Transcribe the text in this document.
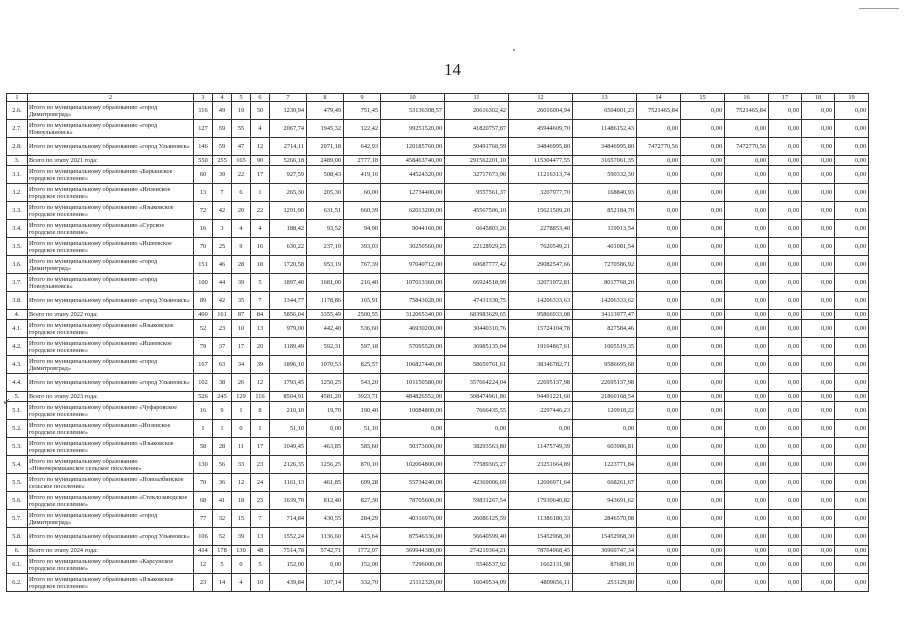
14
↙
1	2	3	4	5	6	7	8	9	10	11	12	13	14	15	16	17	18	19
2.6.	Итого по муниципальному образованию «город Димитровград»	116	49	19	50	1230,94	479,49	751,45	53136308,57	20616302,42	26016004,94	6504001,23	7521465,84	0,00	7521465,84	0,00	0,00	0,00
2.7.	Итого по муниципальному образованию «город Новоульяновск»	127	59	55	4	2067,74	1945,32	122,42	99251520,00	41820757,87	45944609,70	11486152,43	0,00	0,00	0,00	0,00	0,00	0,00
2.8.	Итого по муниципальному образованию «город Ульяновск»	146	59	47	12	2714,11	2071,18	642,93	120185760,00	50491768,59	34846995,80	34846995,80	7472770,56	0,00	7472770,56	0,00	0,00	0,00
3.	Всего по этапу 2021 года:	550	255	165	90	5266,18	2489,00	2777,18	458463740,00	291562201,10	115304477,55	31657061,35	0,00	0,00	0,00	0,00	0,00	0,00
3.1.	Итого по муниципальному образованию «Барышское городское поселение»	60	39	22	17	927,59	508,43	419,16	44524320,00	32717673,96	11216313,74	590332,30	0,00	0,00	0,00	0,00	0,00	0,00
3.2.	Итого по муниципальному образованию «Инзенское городское поселение»	13	7	6	1	265,30	205,30	60,00	12734400,00	9557561,37	3207977,70	168840,93	0,00	0,00	0,00	0,00	0,00	0,00
3.3.	Итого по муниципальному образованию «Языковское городское поселение»	72	42	20	22	1291,90	631,51	660,39	62013200,00	45567506,10	15621509,20	852184,70	0,00	0,00	0,00	0,00	0,00	0,00
3.4.	Итого по муниципальному образованию «Сурское городское поселение»	16	3	4	4	188,42	93,52	94,90	9044160,00	6645803,26	2278853,40	119913,54	0,00	0,00	0,00	0,00	0,00	0,00
3.5.	Итого по муниципальному образованию «Ишеевское городское поселение»	70	25	9	16	630,22	237,19	393,03	30250560,00	22128929,25	7620549,21	401081,54	0,00	0,00	0,00	0,00	0,00	0,00
3.6.	Итого по муниципальному образованию «город Димитровград»	151	46	28	18	1720,58	953,19	767,39	97040712,00	60687777,42	29082547,66	7270586,92	0,00	0,00	0,00	0,00	0,00	0,00
3.7.	Итого по муниципальному образованию «город Новоульяновск»	100	44	39	5	1897,40	1681,00	216,40	107013360,00	66924518,99	32071072,81	8017768,20	0,00	0,00	0,00	0,00	0,00	0,00
3.8.	Итого по муниципальному образованию «город Ульяновск»	89	42	35	7	1344,77	1178,86	165,91	75843028,00	47431330,75	14206333,63	14206333,62	0,00	0,00	0,00	0,00	0,00	0,00
4.	Всего по этапу 2022 года:	400	161	87	84	5856,04	3355,49	2500,55	312065340,00	683983629,65	95866933,08	34113977,47	0,00	0,00	0,00	0,00	0,00	0,00
4.1.	Итого по муниципальному образованию «Языковское городское поселение»	52	23	10	13	979,00	442,40	536,60	46930200,00	30440310,76	15724104,78	827584,46	0,00	0,00	0,00	0,00	0,00	0,00
4.2.	Итого по муниципальному образованию «Ишеевское городское поселение»	79	37	17	20	1189,49	592,31	597,18	57095520,00	36985135,04	19104867,61	1005519,35	0,00	0,00	0,00	0,00	0,00	0,00
4.3.	Итого по муниципальному образованию «город Димитровград»	167	63	34	39	1896,10	1070,53	825,57	106827440,00	58659761,61	38346782,71	9586695,68	0,00	0,00	0,00	0,00	0,00	0,00
4.4.	Итого по муниципальному образованию «город Ульяновск»	102	38	26	12	1793,45	1250,25	543,20	101150580,00	357664224,04	22695137,98	22695137,98	0,00	0,00	0,00	0,00	0,00	0,00
5.	Всего по этапу 2023 года:	526	245	129	116	8504,91	4581,20	3923,71	484826552,00	308474961,86	94491221,60	21860168,54	0,00	0,00	0,00	0,00	0,00	0,00
5.1.	Итого по муниципальному образованию «Чуфаровское городское поселение»	16	9	1	8	210,10	19,70	190,40	10084800,00	7666435,55	2297446,23	120918,22	0,00	0,00	0,00	0,00	0,00	0,00
5.2.	Итого по муниципальному образованию «Инзенское городское поселение»	1	1	0	1	51,10	0,00	51,10	0,00	0,00	0,00	0,00	0,00	0,00	0,00	0,00	0,00	0,00
5.3.	Итого по муниципальному образованию «Языковское городское поселение»	58	28	11	17	1049,45	463,85	585,60	50373600,00	38293563,80	11475749,39	603986,81	0,00	0,00	0,00	0,00	0,00	0,00
5.4.	Итого по муниципальному образованию «Новочеремшанское сельское поселение»	130	56	33	23	2126,35	1256,25	870,10	102064800,00	77589365,27	23251664,89	1223771,84	0,00	0,00	0,00	0,00	0,00	0,00
5.5.	Итого по муниципальному образованию «Новоалбинское сельское поселение»	70	36	12	24	1161,13	461,85	699,28	55734240,00	42369006,69	12696971,64	668261,67	0,00	0,00	0,00	0,00	0,00	0,00
5.6.	Итого по муниципальному образованию «Стеклозаводское городское поселение»	68	41	18	23	1639,70	812,40	827,30	78705600,00	59831267,54	17930640,82	943691,62	0,00	0,00	0,00	0,00	0,00	0,00
5.7.	Итого по муниципальному образованию «город Димитровград»	77	32	15	7	714,84	430,55	284,29	40316976,00	26086125,59	11386180,33	2846570,08	0,00	0,00	0,00	0,00	0,00	0,00
5.8.	Итого по муниципальному образованию «город Ульяновск»	106	52	39	13	1552,24	1136,60	415,64	87546336,00	56640599,40	15452968,30	15452968,30	0,00	0,00	0,00	0,00	0,00	0,00
6.	Всего по этапу 2024 года:	414	178	130	48	7514,78	5742,71	1772,07	369944380,00	274210364,21	78764968,45	36969747,34	0,00	0,00	0,00	0,00	0,00	0,00
6.1.	Итого по муниципальному образованию «Карсунское городское поселение»	12	5	0	5	152,00	0,00	152,00	7296000,00	5546537,92	1662131,98	87680,10	0,00	0,00	0,00	0,00	0,00	0,00
6.2.	Итого по муниципальному образованию «Языковское городское поселение»	23	14	4	10	439,84	107,14	332,70	21112320,00	16049534,09	4809656,11	253129,80	0,00	0,00	0,00	0,00	0,00	0,00
